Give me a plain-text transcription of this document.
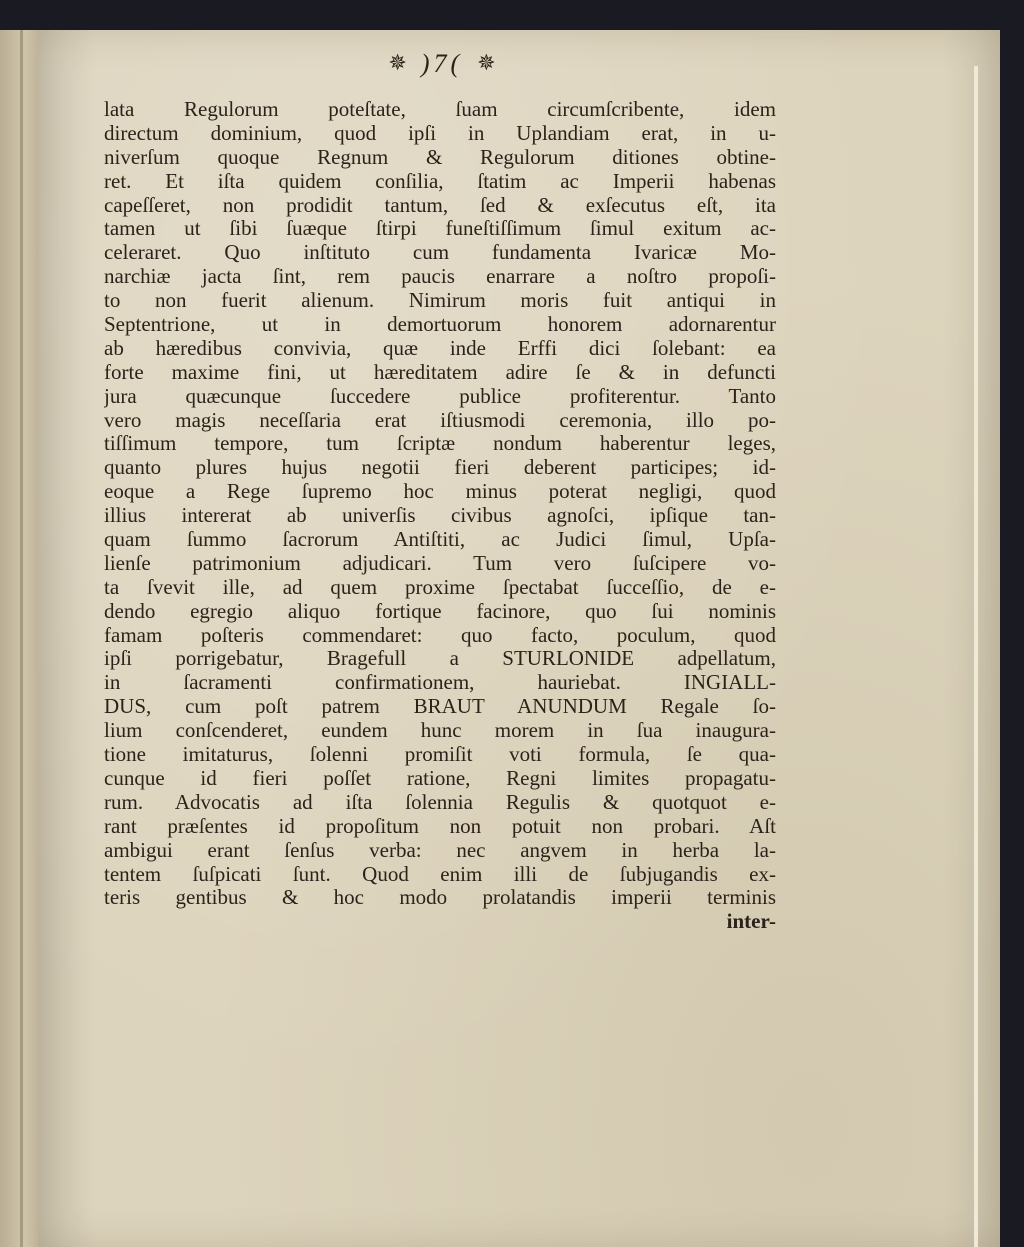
✵ )7( ✵
lata Regulorum poteſtate, ſuam circumſcribente, idem
directum dominium, quod ipſi in Uplandiam erat, in u-
niverſum quoque Regnum & Regulorum ditiones obtine-
ret. Et iſta quidem conſilia, ſtatim ac Imperii habenas
capeſſeret, non prodidit tantum, ſed & exſecutus eſt, ita
tamen ut ſibi ſuæque ſtirpi funeſtiſſimum ſimul exitum ac-
celeraret. Quo inſtituto cum fundamenta Ivaricæ Mo-
narchiæ jacta ſint, rem paucis enarrare a noſtro propoſi-
to non fuerit alienum. Nimirum moris fuit antiqui in
Septentrione, ut in demortuorum honorem adornarentur
ab hæredibus convivia, quæ inde Erffi dici ſolebant: ea
forte maxime fini, ut hæreditatem adire ſe & in defuncti
jura quæcunque ſuccedere publice profiterentur. Tanto
vero magis neceſſaria erat iſtiusmodi ceremonia, illo po-
tiſſimum tempore, tum ſcriptæ nondum haberentur leges,
quanto plures hujus negotii fieri deberent participes; id-
eoque a Rege ſupremo hoc minus poterat negligi, quod
illius intererat ab univerſis civibus agnoſci, ipſique tan-
quam ſummo ſacrorum Antiſtiti, ac Judici ſimul, Upſa-
lienſe patrimonium adjudicari. Tum vero ſuſcipere vo-
ta ſvevit ille, ad quem proxime ſpectabat ſucceſſio, de e-
dendo egregio aliquo fortique facinore, quo ſui nominis
famam poſteris commendaret: quo facto, poculum, quod
ipſi porrigebatur, Bragefull a STURLONIDE adpellatum,
in ſacramenti confirmationem, hauriebat. INGIALL-
DUS, cum poſt patrem BRAUT ANUNDUM Regale ſo-
lium conſcenderet, eundem hunc morem in ſua inaugura-
tione imitaturus, ſolenni promiſit voti formula, ſe qua-
cunque id fieri poſſet ratione, Regni limites propagatu-
rum. Advocatis ad iſta ſolennia Regulis & quotquot e-
rant præſentes id propoſitum non potuit non probari. Aſt
ambigui erant ſenſus verba: nec angvem in herba la-
tentem ſuſpicati ſunt. Quod enim illi de ſubjugandis ex-
teris gentibus & hoc modo prolatandis imperii terminis
inter-
